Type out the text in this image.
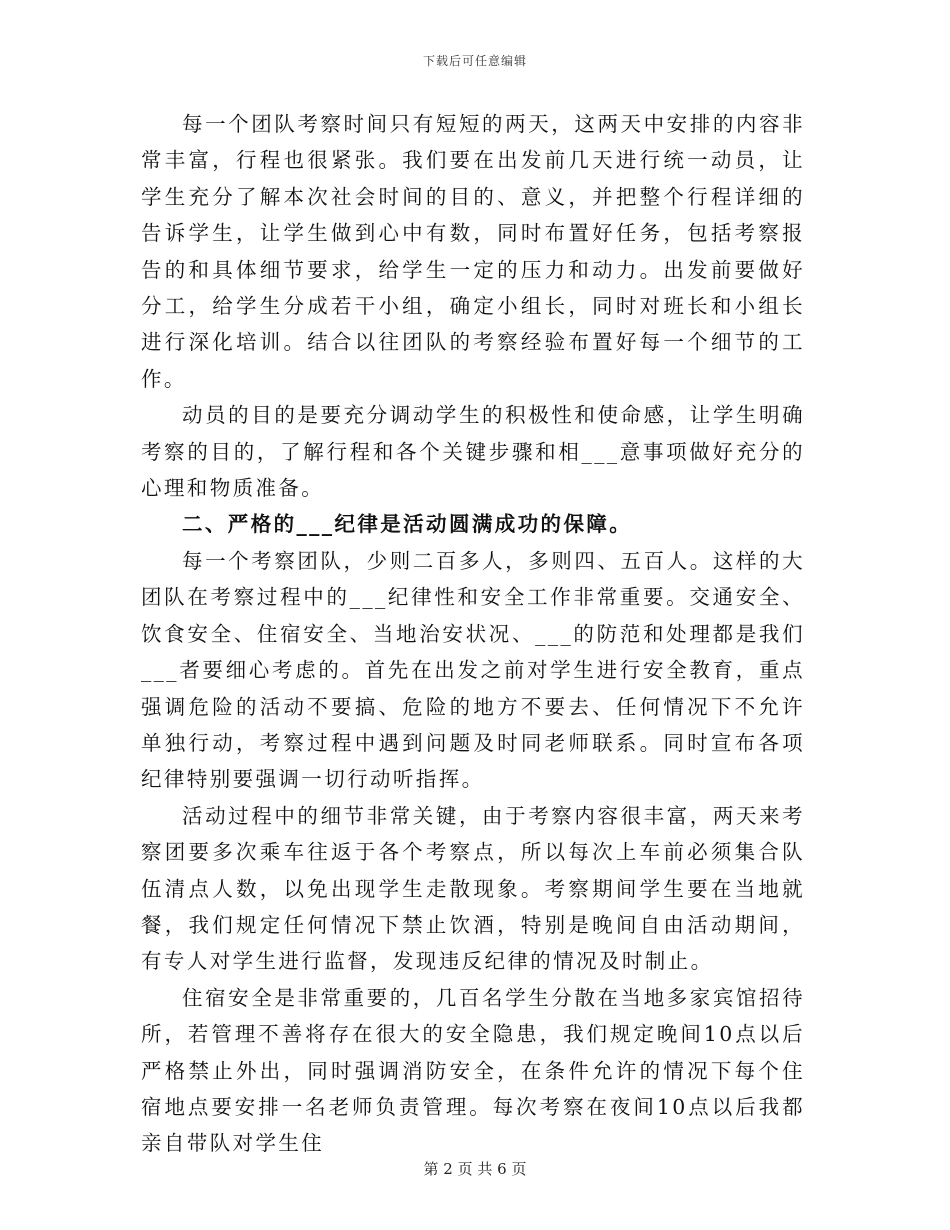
下载后可任意编辑

每一个团队考察时间只有短短的两天，这两天中安排的内容非常丰富，行程也很紧张。我们要在出发前几天进行统一动员，让学生充分了解本次社会时间的目的、意义，并把整个行程详细的告诉学生，让学生做到心中有数，同时布置好任务，包括考察报告的和具体细节要求，给学生一定的压力和动力。出发前要做好分工，给学生分成若干小组，确定小组长，同时对班长和小组长进行深化培训。结合以往团队的考察经验布置好每一个细节的工作。

动员的目的是要充分调动学生的积极性和使命感，让学生明确考察的目的，了解行程和各个关键步骤和相___意事项做好充分的心理和物质准备。

二、严格的___纪律是活动圆满成功的保障。

每一个考察团队，少则二百多人，多则四、五百人。这样的大团队在考察过程中的___纪律性和安全工作非常重要。交通安全、饮食安全、住宿安全、当地治安状况、___的防范和处理都是我们___者要细心考虑的。首先在出发之前对学生进行安全教育，重点强调危险的活动不要搞、危险的地方不要去、任何情况下不允许单独行动，考察过程中遇到问题及时同老师联系。同时宣布各项纪律特别要强调一切行动听指挥。

活动过程中的细节非常关键，由于考察内容很丰富，两天来考察团要多次乘车往返于各个考察点，所以每次上车前必须集合队伍清点人数，以免出现学生走散现象。考察期间学生要在当地就餐，我们规定任何情况下禁止饮酒，特别是晚间自由活动期间，有专人对学生进行监督，发现违反纪律的情况及时制止。

住宿安全是非常重要的，几百名学生分散在当地多家宾馆招待所，若管理不善将存在很大的安全隐患，我们规定晚间10点以后严格禁止外出，同时强调消防安全，在条件允许的情况下每个住宿地点要安排一名老师负责管理。每次考察在夜间10点以后我都亲自带队对学生住

第 2 页 共 6 页
